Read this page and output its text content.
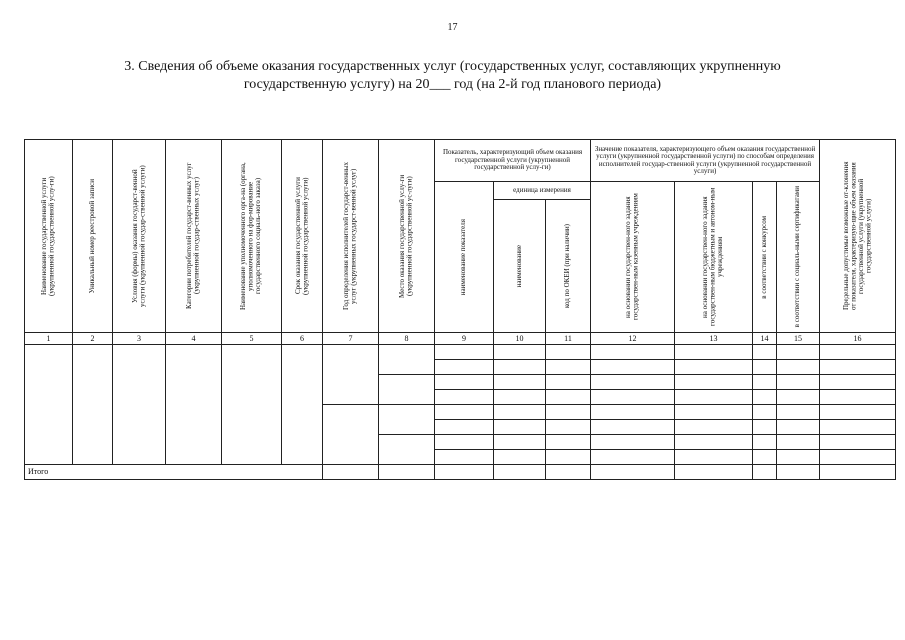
17
3. Сведения об объеме оказания государственных услуг (государственных услуг, составляющих укрупненную
государственную услугу) на 20___ год (на 2-й год планового периода)
Наименование государственной услуги (укрупненной государственной услу-ги)	Уникальный номер реестровой записи	Условия (формы) оказания государст-венной услуги (укрупненной государ-ственной услуги)	Категории потребителей государст-венных услуг (укрупненной государ-ственных услуг)	Наименование уполномоченного орга-на (органа, уполномоченного на фор-мирование государственного социаль-ного заказа)	Срок оказания государственной услуги (укрупненной государственной услуги)	Год определения исполнителей государст-венных услуг (укрупненных государст-венной услуг)	Место оказания государственной услу-ги (укрупненной государственной ус-луги)	Показатель, характеризующий объем оказания государственной услуги (укрупненной государственной услу-ги)			Значение показателя, характеризующего объем оказания государственной услуги (укрупненной государственной услуги) по способам определения исполнителей государ-ственной услуги (укрупненной государственной услуги)				Предельные допустимые возможные от-клонения от показателя, характеризую-щие объем оказания государственной услуги (укрупненной государственной услуги)

								наименование показателя	единица измерения		на основании государствен-ного задания государствен-ным казенным учреждениям	на основании государствен-ного задания государствен-ным бюджетным и автоном-ным учреждениям	в соответствии с конкурсом	в соответствии с социаль-ными сертификатами	

									наименование	код по ОКЕИ (при наличии)					

1	2	3	4	5	6	7	8	9	10	11	12	13	14	15	16

Итого															
